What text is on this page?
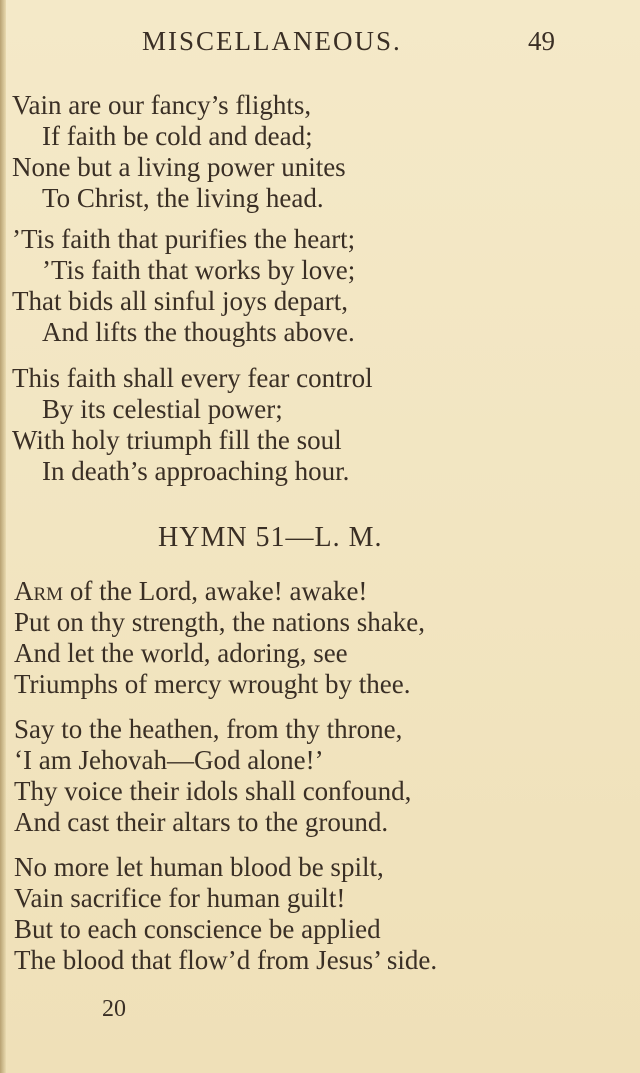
MISCELLANEOUS.	49
Vain are our fancy’s flights,
If faith be cold and dead;
None but a living power unites
To Christ, the living head.
’Tis faith that purifies the heart;
’Tis faith that works by love;
That bids all sinful joys depart,
And lifts the thoughts above.
This faith shall every fear control
By its celestial power;
With holy triumph fill the soul
In death’s approaching hour.
HYMN 51—L. M.
Arm of the Lord, awake! awake!
Put on thy strength, the nations shake,
And let the world, adoring, see
Triumphs of mercy wrought by thee.
Say to the heathen, from thy throne,
‘I am Jehovah—God alone!’
Thy voice their idols shall confound,
And cast their altars to the ground.
No more let human blood be spilt,
Vain sacrifice for human guilt!
But to each conscience be applied
The blood that flow’d from Jesus’ side.
20
